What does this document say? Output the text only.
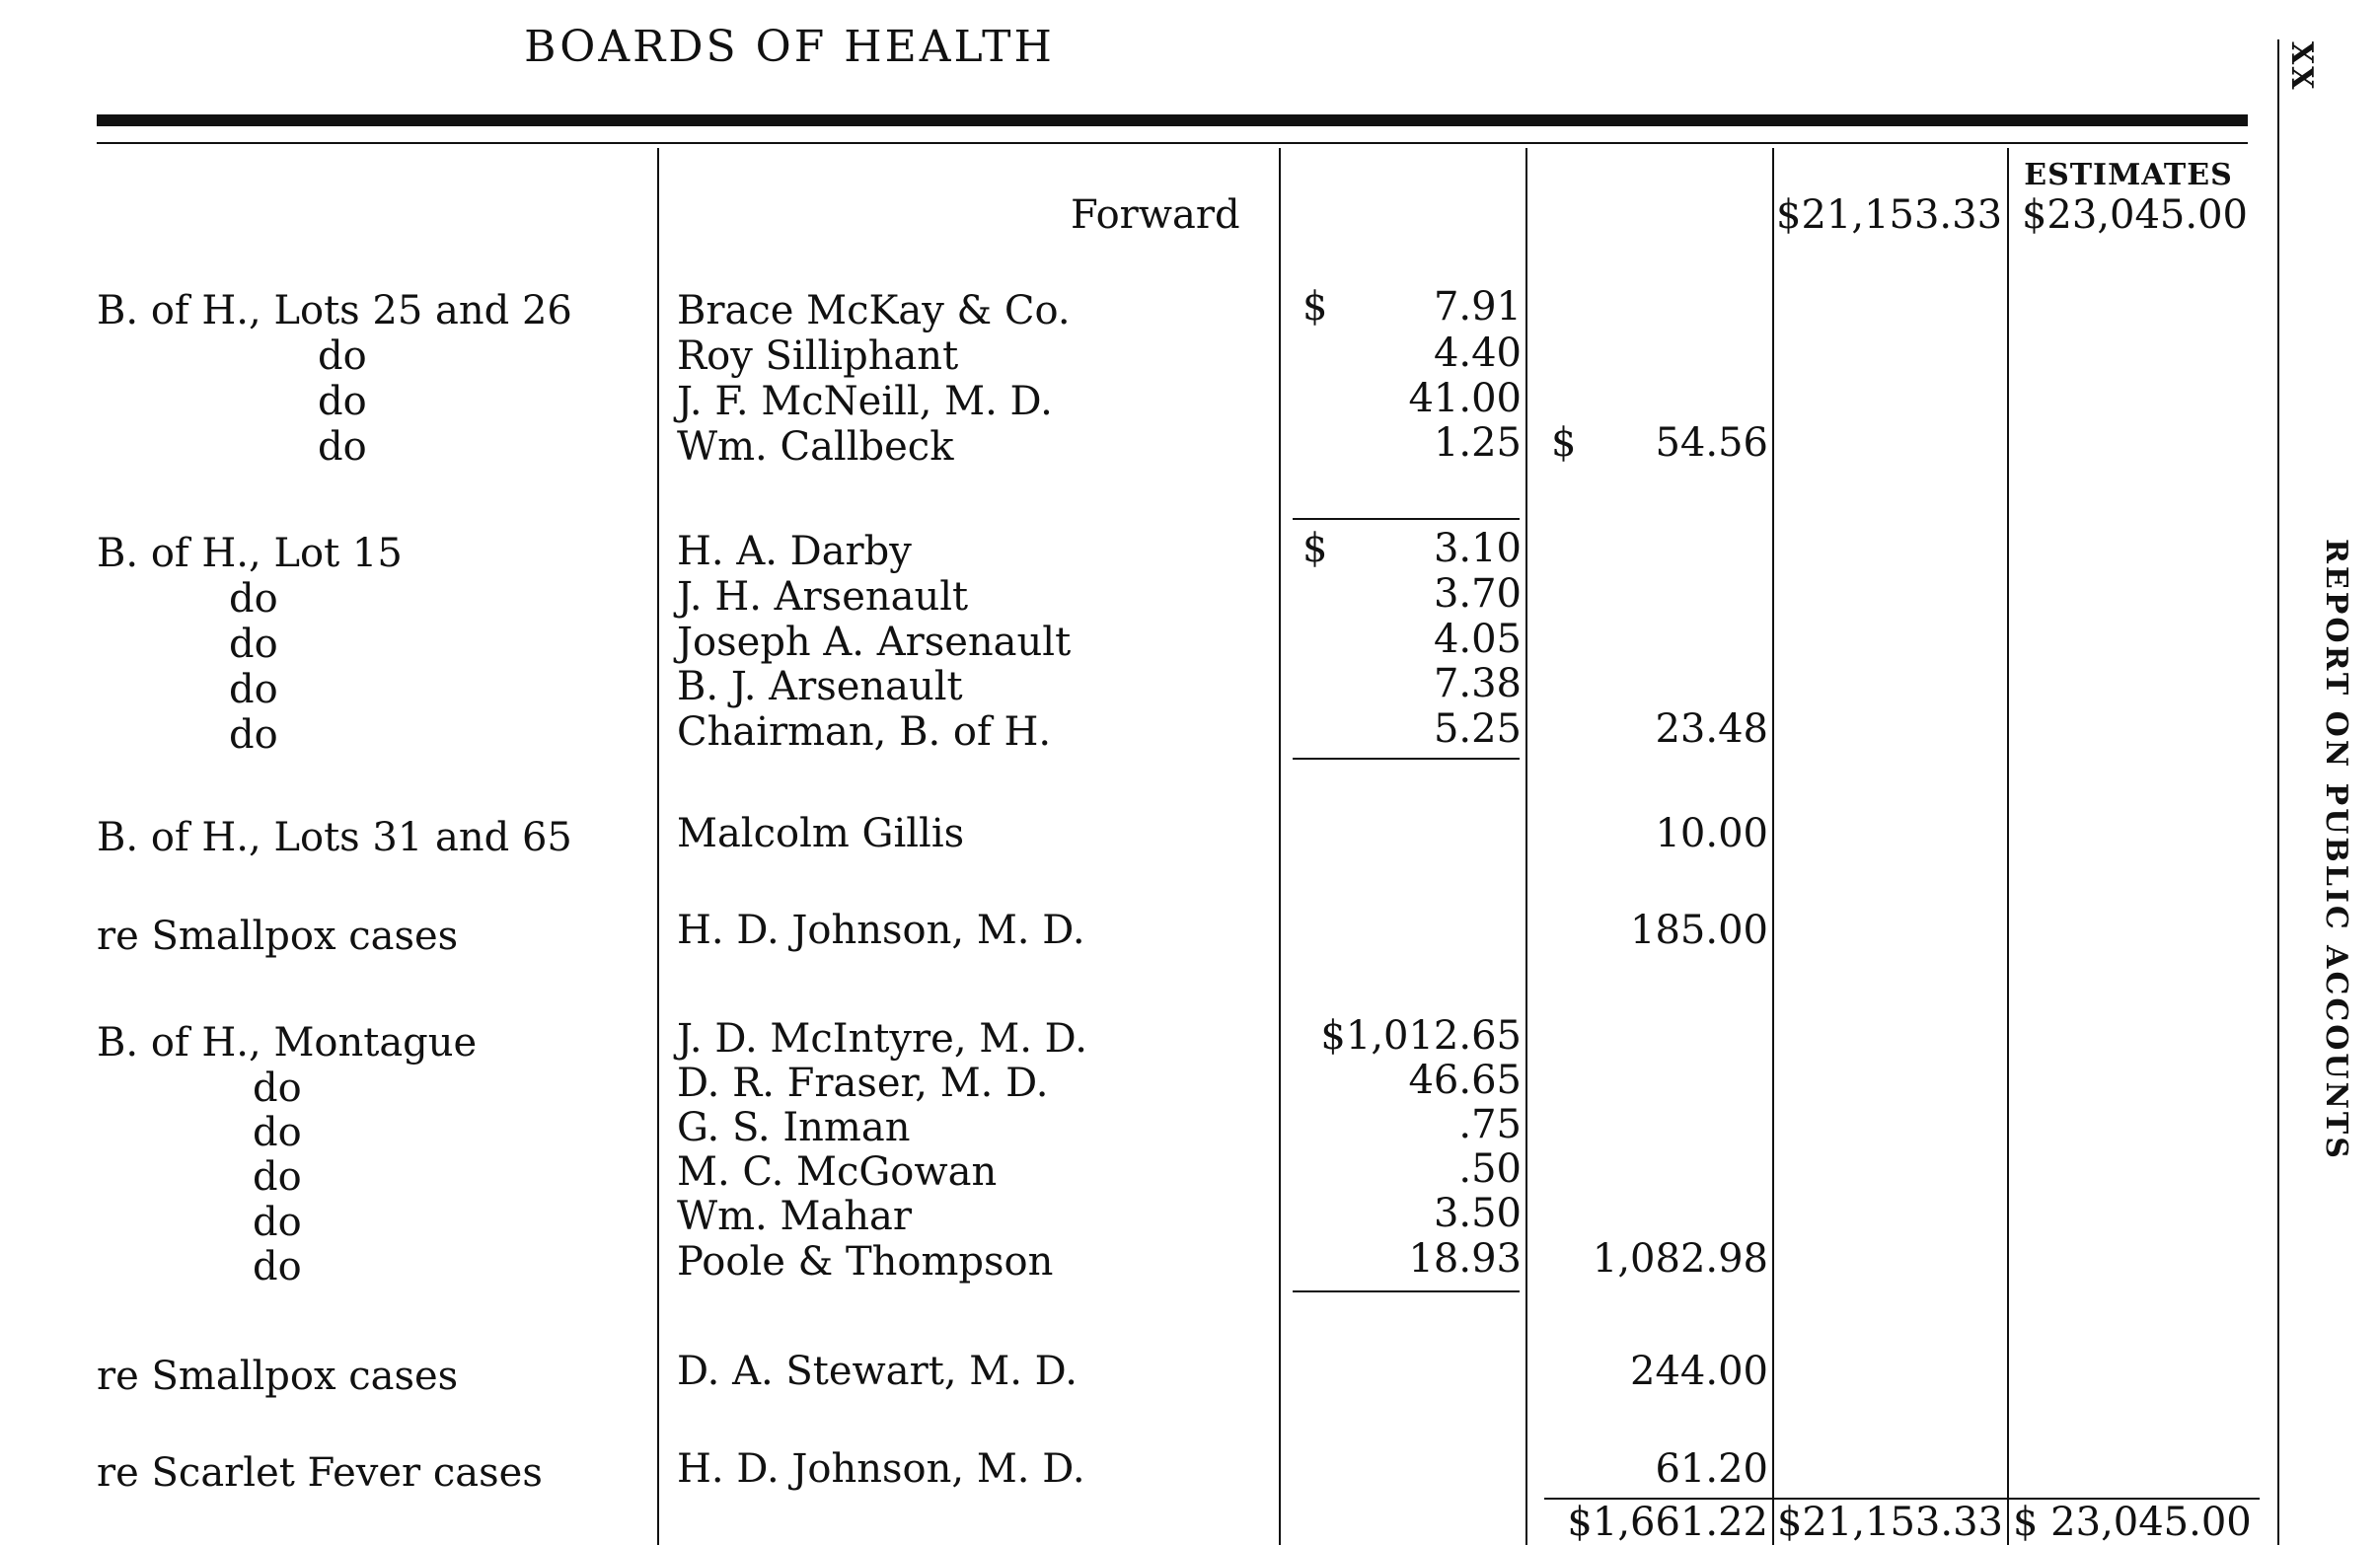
BOARDS OF HEALTH
ESTIMATES
Forward	$21,153.33 $23,045.00
B. of H., Lots 25 and 26	Brace McKay & Co.	$	7.91
do	Roy Silliphant	4.40
do	J. F. McNeill, M. D.	41.00
do	Wm. Callbeck	1.25 $	54.56
B. of H., Lot 15	H. A. Darby	$	3.10
do	J. H. Arsenault	3.70
do	Joseph A. Arsenault	4.05
do	B. J. Arsenault	7.38
do	Chairman, B. of H.	5.25	23.48
B. of H., Lots 31 and 65	Malcolm Gillis	10.00
re Smallpox cases	H. D. Johnson, M. D.	185.00
B. of H., Montague	J. D. McIntyre, M. D.	$1,012.65
do	D. R. Fraser, M. D.	46.65
do	G. S. Inman	.75
do	M. C. McGowan	.50
do	Wm. Mahar	3.50
do	Poole & Thompson	18.93	1,082.98
re Smallpox cases	D. A. Stewart, M. D.	244.00
re Scarlet Fever cases	H. D. Johnson, M. D.	61.20
$1,661.22 $21,153.33 $ 23,045.00
XX
REPORT ON PUBLIC ACCOUNTS
